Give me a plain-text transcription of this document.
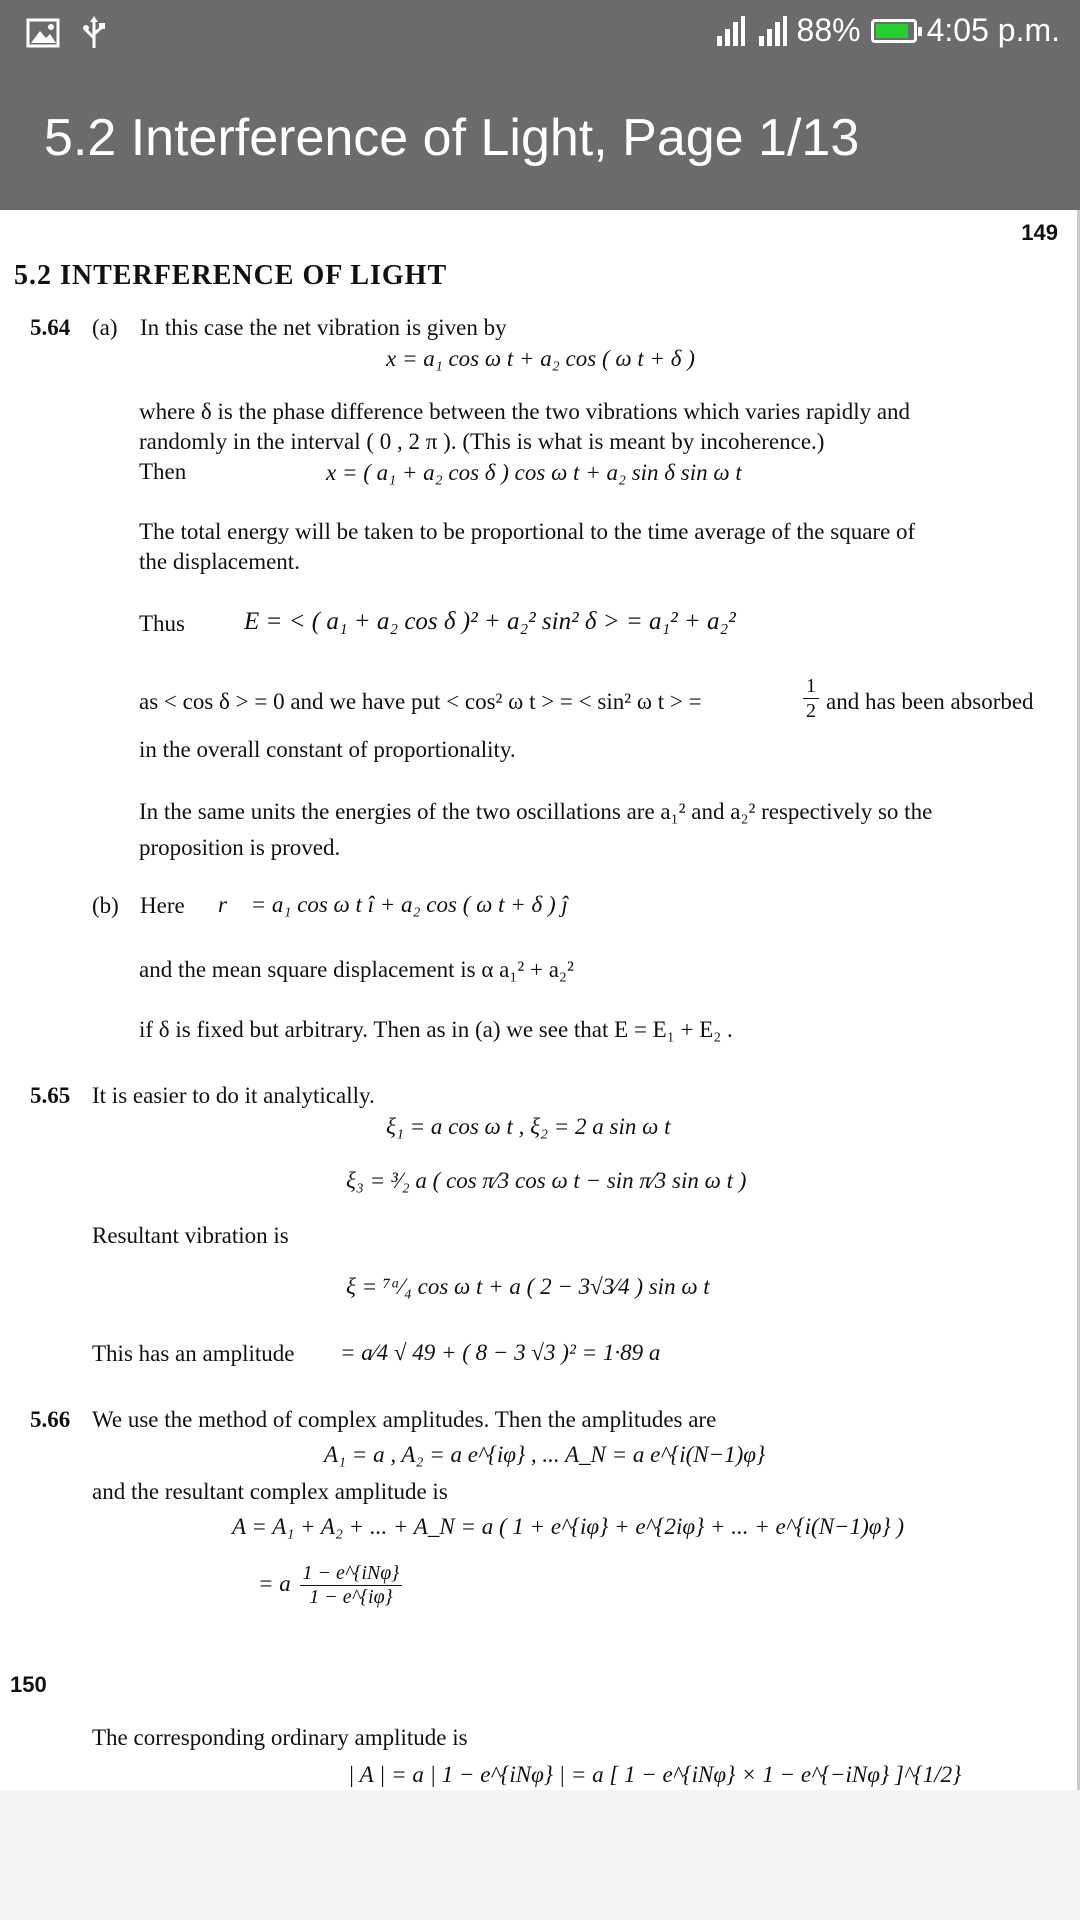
88% 4:05 p.m.
5.2 Interference of Light, Page 1/13
149
5.2 INTERFERENCE OF LIGHT
5.64 (a) In this case the net vibration is given by
x = a₁ cos ω t + a₂ cos ( ω t + δ )
where δ is the phase difference between the two vibrations which varies rapidly and
randomly in the interval ( 0 , 2 π ). (This is what is meant by incoherence.)
Then	x = ( a₁ + a₂ cos δ ) cos ω t + a₂ sin δ sin ω t
The total energy will be taken to be proportional to the time average of the square of
the displacement.
Thus E = < ( a₁ + a₂ cos δ )² + a₂² sin² δ > = a₁² + a₂²
as < cos δ > = 0 and we have put < cos² ω t > = < sin² ω t > =	$\frac{1}{2}$ and has been absorbed
in the overall constant of proportionality.
In the same units the energies of the two oscillations are a₁² and a₂² respectively so the
proposition is proved.
(b) Here r⃗ = a₁ cos ω t î + a₂ cos ( ω t + δ ) ĵ
and the mean square displacement is α a₁² + a₂²
if δ is fixed but arbitrary. Then as in (a) we see that E = E₁ + E₂ .
5.65 It is easier to do it analytically.
ξ₁ = a cos ω t , ξ₂ = 2 a sin ω t
ξ₃ = ³⁄₂ a ( cos π⁄3 cos ω t − sin π⁄3 sin ω t )
Resultant vibration is
ξ = ⁷ᵃ⁄₄ cos ω t + a ( 2 − 3√3⁄4 ) sin ω t
This has an amplitude = a⁄4 √ 49 + ( 8 − 3 √3 )² = 1·89 a
5.66 We use the method of complex amplitudes. Then the amplitudes are
A₁ = a , A₂ = a e^{iφ} , ... A_N = a e^{i(N−1)φ}
and the resultant complex amplitude is
A = A₁ + A₂ + ... + A_N = a ( 1 + e^{iφ} + e^{2iφ} + ... + e^{i(N−1)φ} )
= a $\frac{\text{1 − e\textasciicircum{}\{iNφ\}}}{1 - e\^{}\{i\varphi\}}$
150
The corresponding ordinary amplitude is
| A | = a | 1 − e^{iNφ} | = a [ 1 − e^{iNφ} × 1 − e^{−iNφ} ]^{1/2}
